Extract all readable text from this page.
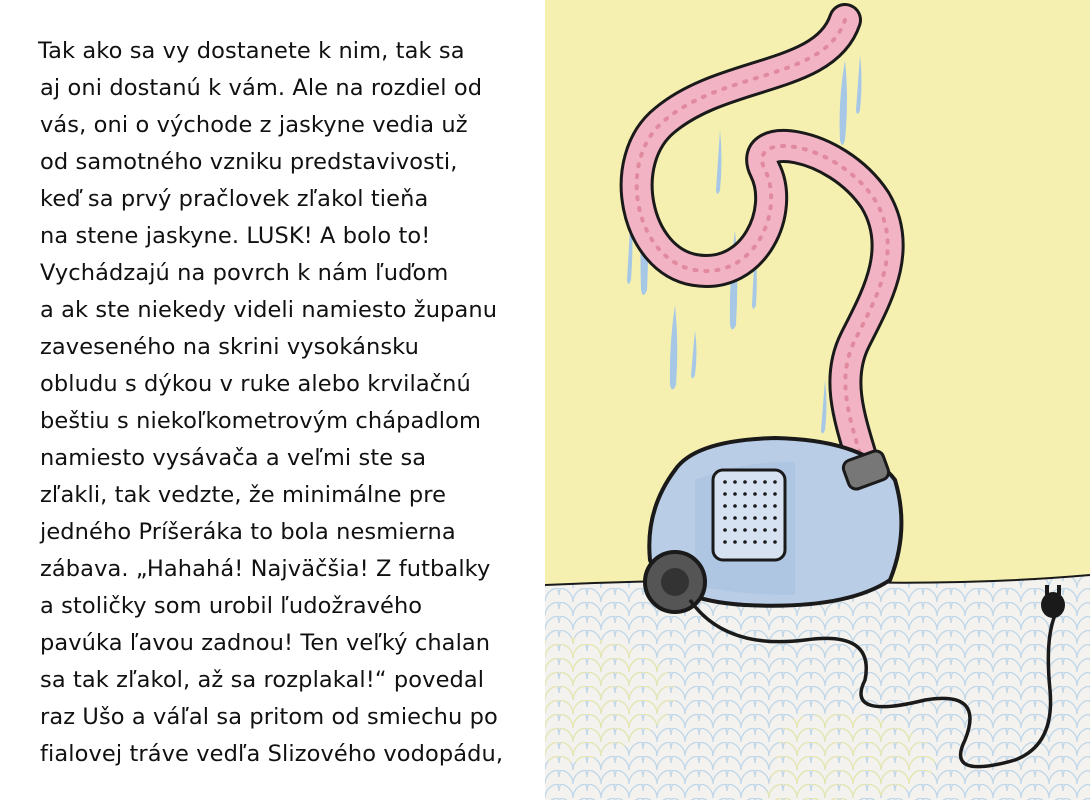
Tak ako sa vy dostanete k nim, tak sa
aj oni dostanú k vám. Ale na rozdiel od
vás, oni o východe z jaskyne vedia už
od samotného vzniku predstavivosti,
keď sa prvý pračlovek zľakol tieňa
na stene jaskyne. LUSK! A bolo to!
Vychádzajú na povrch k nám ľuďom
a ak ste niekedy videli namiesto županu
zaveseného na skrini vysokánsku
obludu s dýkou v ruke alebo krvilačnú
beštiu s niekoľkometrovým chápadlom
namiesto vysávača a veľmi ste sa
zľakli, tak vedzte, že minimálne pre
jedného Príšeráka to bola nesmierna
zábava. „Hahahá! Najväčšia! Z futbalky
a stoličky som urobil ľudožravého
pavúka ľavou zadnou! Ten veľký chalan
sa tak zľakol, až sa rozplakal!“ povedal
raz Ušo a váľal sa pritom od smiechu po
fialovej tráve vedľa Slizového vodopádu,
